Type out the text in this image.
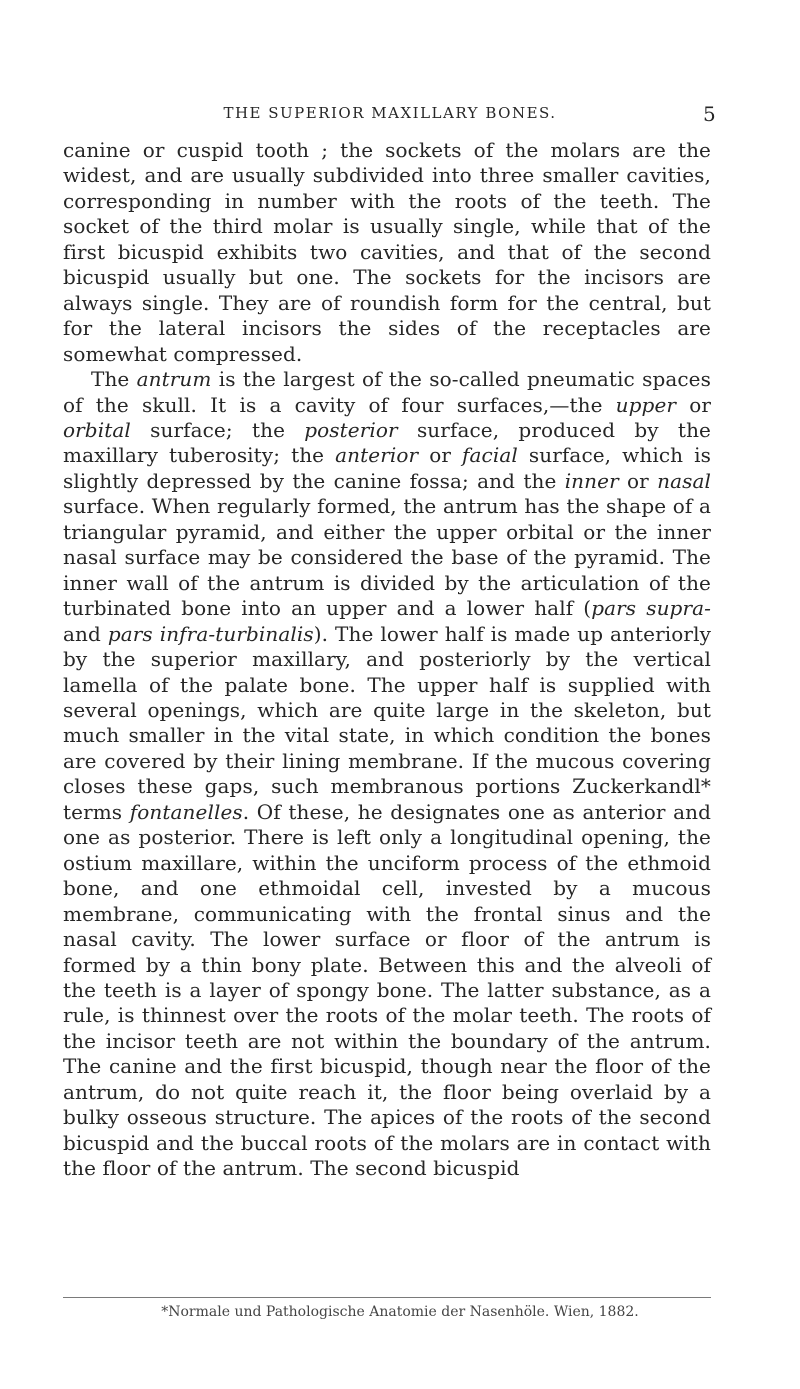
THE SUPERIOR MAXILLARY BONES.	5

canine or cuspid tooth ; the sockets of the molars are the widest, and are usually subdivided into three smaller cavities, corresponding in number with the roots of the teeth. The socket of the third molar is usually single, while that of the first bicuspid exhibits two cavities, and that of the second bicuspid usually but one. The sockets for the incisors are always single. They are of roundish form for the central, but for the lateral incisors the sides of the receptacles are somewhat compressed.

The antrum is the largest of the so-called pneumatic spaces of the skull. It is a cavity of four surfaces,—the upper or orbital surface; the posterior surface, produced by the maxillary tuberosity; the anterior or facial surface, which is slightly depressed by the canine fossa; and the inner or nasal surface. When regularly formed, the antrum has the shape of a triangular pyramid, and either the upper orbital or the inner nasal surface may be considered the base of the pyramid. The inner wall of the antrum is divided by the articulation of the turbinated bone into an upper and a lower half (pars supra- and pars infra-turbinalis). The lower half is made up anteriorly by the superior maxillary, and posteriorly by the vertical lamella of the palate bone. The upper half is supplied with several openings, which are quite large in the skeleton, but much smaller in the vital state, in which condition the bones are covered by their lining membrane. If the mucous covering closes these gaps, such membranous portions Zuckerkandl* terms fontanelles. Of these, he designates one as anterior and one as posterior. There is left only a longitudinal opening, the ostium maxillare, within the unciform process of the ethmoid bone, and one ethmoidal cell, invested by a mucous membrane, communicating with the frontal sinus and the nasal cavity. The lower surface or floor of the antrum is formed by a thin bony plate. Between this and the alveoli of the teeth is a layer of spongy bone. The latter substance, as a rule, is thinnest over the roots of the molar teeth. The roots of the incisor teeth are not within the boundary of the antrum. The canine and the first bicuspid, though near the floor of the antrum, do not quite reach it, the floor being overlaid by a bulky osseous structure. The apices of the roots of the second bicuspid and the buccal roots of the molars are in contact with the floor of the antrum. The second bicuspid

*Normale und Pathologische Anatomie der Nasenhöle. Wien, 1882.
